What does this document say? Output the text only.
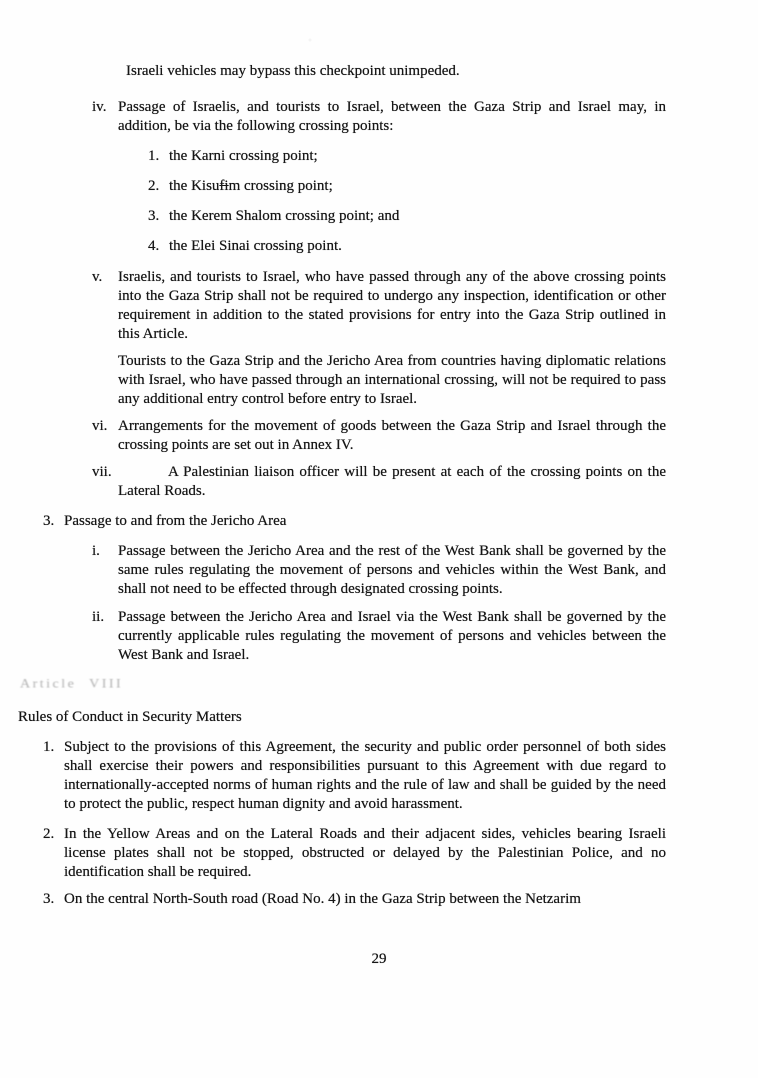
Israeli vehicles may bypass this checkpoint unimpeded.
iv. Passage of Israelis, and tourists to Israel, between the Gaza Strip and Israel may, in addition, be via the following crossing points:
1. the Karni crossing point;
2. the Kisufim crossing point;
3. the Kerem Shalom crossing point; and
4. the Elei Sinai crossing point.
v.	Israelis, and tourists to Israel, who have passed through any of the above crossing points into the Gaza Strip shall not be required to undergo any inspection, identification or other requirement in addition to the stated provisions for entry into the Gaza Strip outlined in this Article.
Tourists to the Gaza Strip and the Jericho Area from countries having diplomatic relations with Israel, who have passed through an international crossing, will not be required to pass any additional entry control before entry to Israel.
vi. Arrangements for the movement of goods between the Gaza Strip and Israel through the crossing points are set out in Annex IV.
vii.	A Palestinian liaison officer will be present at each of the crossing points on the Lateral Roads.
3. Passage to and from the Jericho Area
i.	Passage between the Jericho Area and the rest of the West Bank shall be governed by the same rules regulating the movement of persons and vehicles within the West Bank, and shall not need to be effected through designated crossing points.
ii. Passage between the Jericho Area and Israel via the West Bank shall be governed by the currently applicable rules regulating the movement of persons and vehicles between the West Bank and Israel.
Article VIII
Rules of Conduct in Security Matters
1. Subject to the provisions of this Agreement, the security and public order personnel of both sides shall exercise their powers and responsibilities pursuant to this Agreement with due regard to internationally-accepted norms of human rights and the rule of law and shall be guided by the need to protect the public, respect human dignity and avoid harassment.
2. In the Yellow Areas and on the Lateral Roads and their adjacent sides, vehicles bearing Israeli license plates shall not be stopped, obstructed or delayed by the Palestinian Police, and no identification shall be required.
3. On the central North-South road (Road No. 4) in the Gaza Strip between the Netzarim
29
